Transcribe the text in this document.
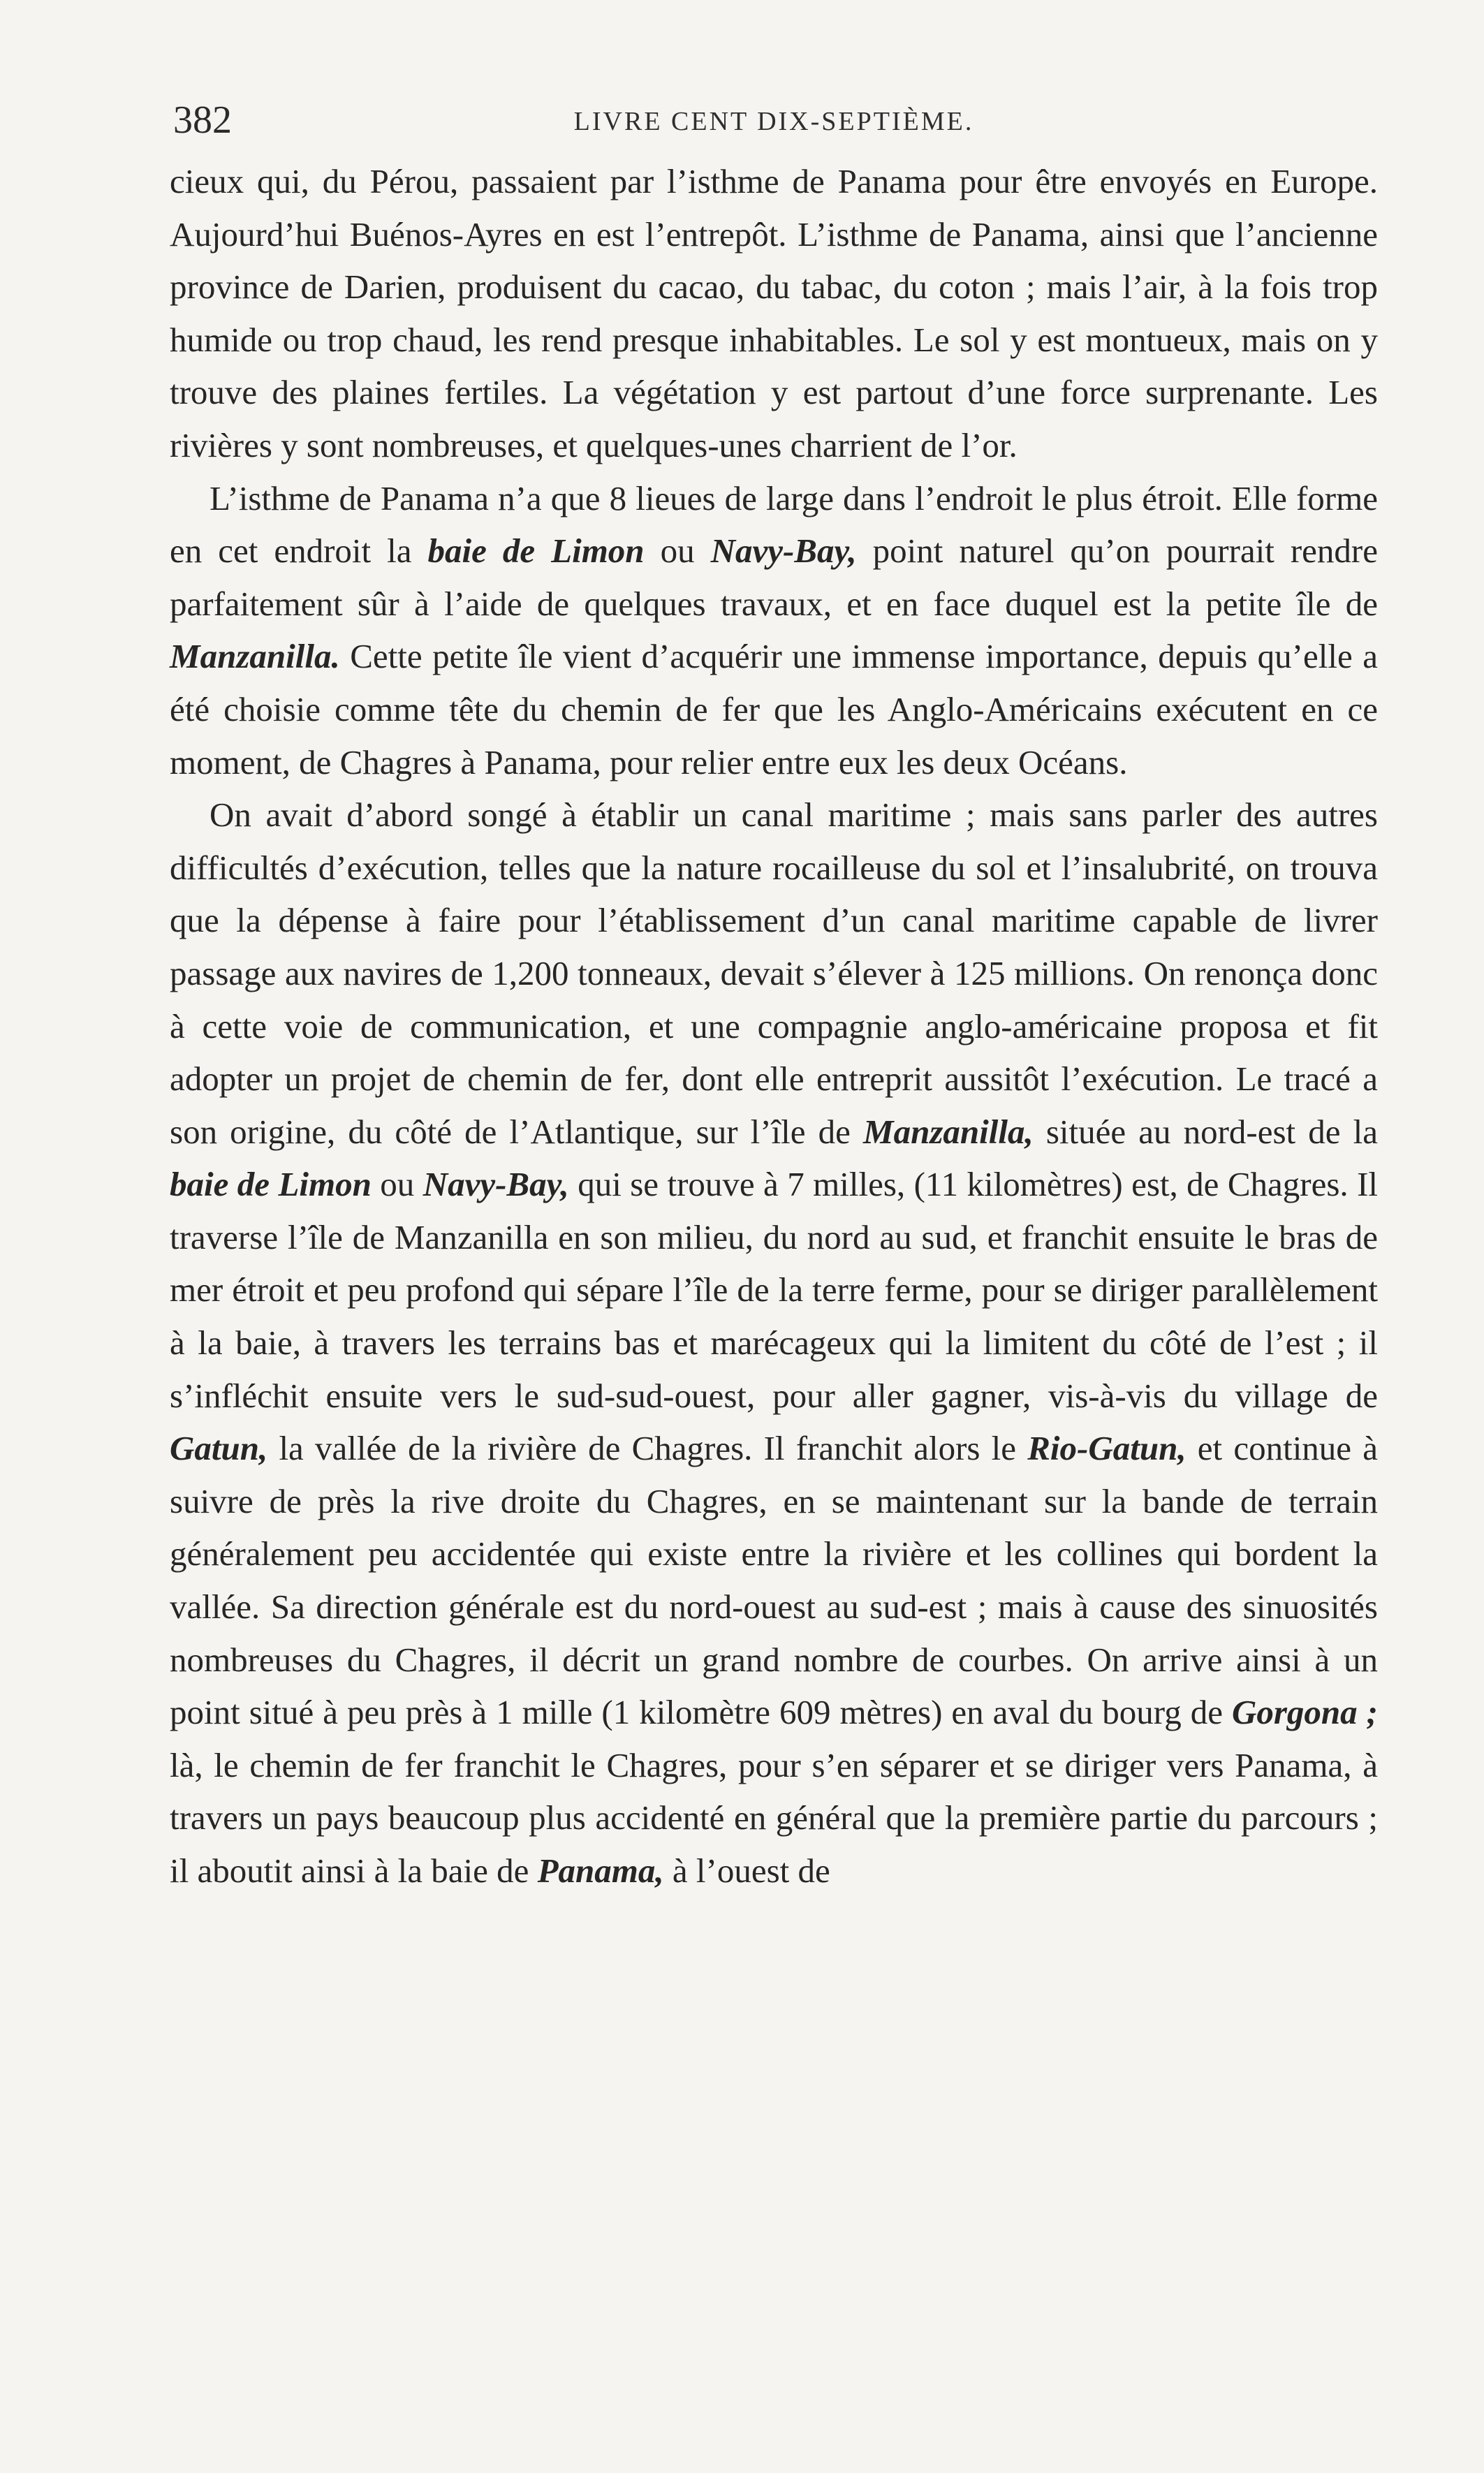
382	LIVRE CENT DIX-SEPTIÈME.

cieux qui, du Pérou, passaient par l’isthme de Panama pour être envoyés en Europe. Aujourd’hui Buénos-Ayres en est l’entrepôt. L’isthme de Panama, ainsi que l’ancienne province de Darien, produisent du cacao, du tabac, du coton ; mais l’air, à la fois trop humide ou trop chaud, les rend presque inhabitables. Le sol y est montueux, mais on y trouve des plaines fertiles. La végétation y est partout d’une force surprenante. Les rivières y sont nombreuses, et quelques-unes charrient de l’or.

L’isthme de Panama n’a que 8 lieues de large dans l’endroit le plus étroit. Elle forme en cet endroit la baie de Limon ou Navy-Bay, point naturel qu’on pourrait rendre parfaitement sûr à l’aide de quelques travaux, et en face duquel est la petite île de Manzanilla. Cette petite île vient d’acquérir une immense importance, depuis qu’elle a été choisie comme tête du chemin de fer que les Anglo-Américains exécutent en ce moment, de Chagres à Panama, pour relier entre eux les deux Océans.

On avait d’abord songé à établir un canal maritime ; mais sans parler des autres difficultés d’exécution, telles que la nature rocailleuse du sol et l’insalubrité, on trouva que la dépense à faire pour l’établissement d’un canal maritime capable de livrer passage aux navires de 1,200 tonneaux, devait s’élever à 125 millions. On renonça donc à cette voie de communication, et une compagnie anglo-américaine proposa et fit adopter un projet de chemin de fer, dont elle entreprit aussitôt l’exécution. Le tracé a son origine, du côté de l’Atlantique, sur l’île de Manzanilla, située au nord-est de la baie de Limon ou Navy-Bay, qui se trouve à 7 milles, (11 kilomètres) est, de Chagres. Il traverse l’île de Manzanilla en son milieu, du nord au sud, et franchit ensuite le bras de mer étroit et peu profond qui sépare l’île de la terre ferme, pour se diriger parallèlement à la baie, à travers les terrains bas et marécageux qui la limitent du côté de l’est ; il s’infléchit ensuite vers le sud-sud-ouest, pour aller gagner, vis-à-vis du village de Gatun, la vallée de la rivière de Chagres. Il franchit alors le Rio-Gatun, et continue à suivre de près la rive droite du Chagres, en se maintenant sur la bande de terrain généralement peu accidentée qui existe entre la rivière et les collines qui bordent la vallée. Sa direction générale est du nord-ouest au sud-est ; mais à cause des sinuosités nombreuses du Chagres, il décrit un grand nombre de courbes. On arrive ainsi à un point situé à peu près à 1 mille (1 kilomètre 609 mètres) en aval du bourg de Gorgona ; là, le chemin de fer franchit le Chagres, pour s’en séparer et se diriger vers Panama, à travers un pays beaucoup plus accidenté en général que la première partie du parcours ; il aboutit ainsi à la baie de Panama, à l’ouest de
